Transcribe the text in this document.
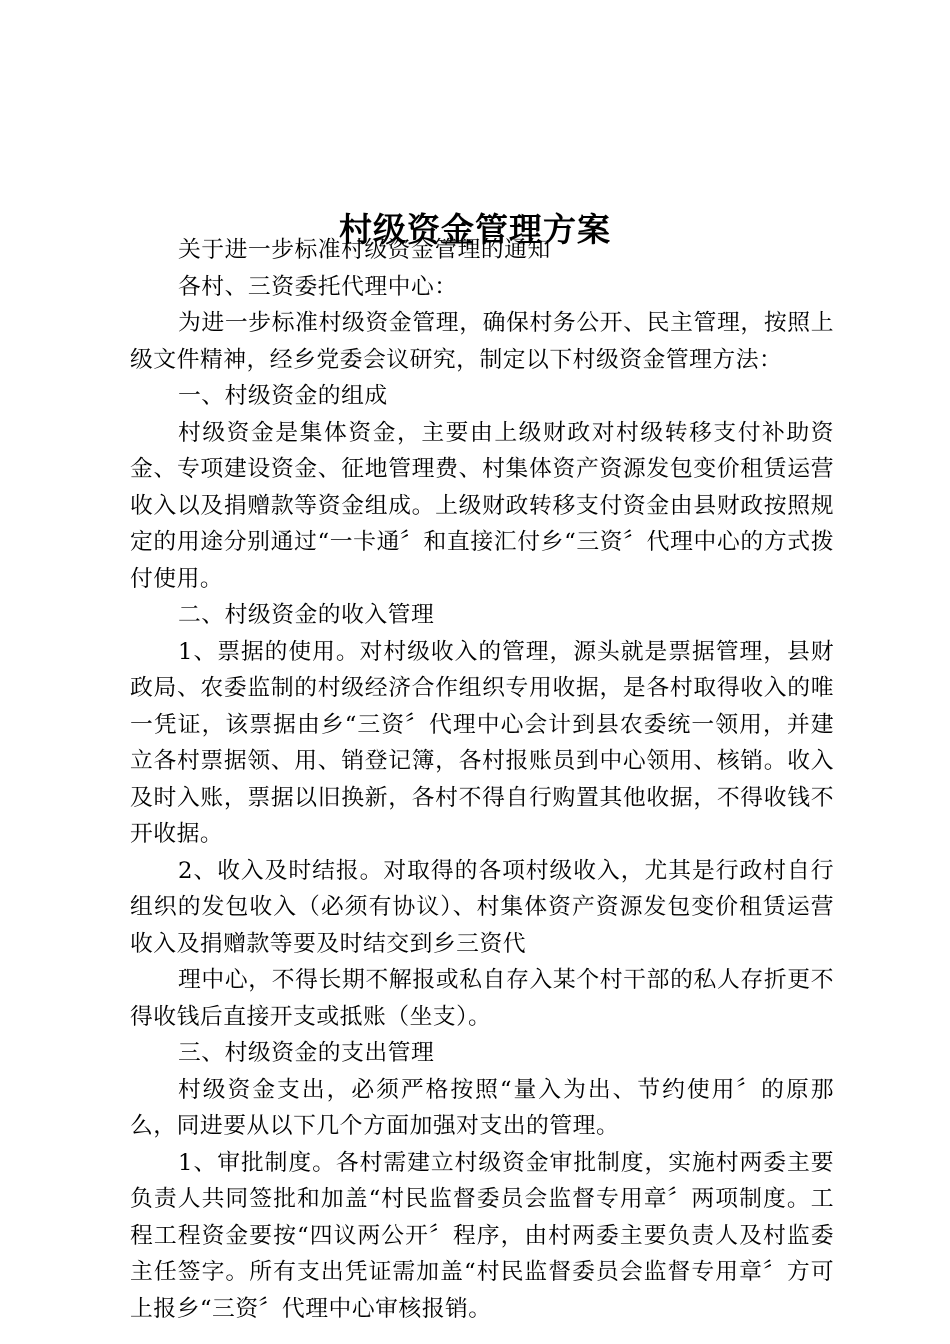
村级资金管理方案

关于进一步标准村级资金管理的通知

各村、三资委托代理中心：

为进一步标准村级资金管理，确保村务公开、民主管理，按照上级文件精神，经乡党委会议研究，制定以下村级资金管理方法：

一、村级资金的组成

村级资金是集体资金，主要由上级财政对村级转移支付补助资金、专项建设资金、征地管理费、村集体资产资源发包变价租赁运营收入以及捐赠款等资金组成。上级财政转移支付资金由县财政按照规定的用途分别通过“一卡通〞和直接汇付乡“三资〞代理中心的方式拨付使用。

二、村级资金的收入管理

1、票据的使用。对村级收入的管理，源头就是票据管理，县财政局、农委监制的村级经济合作组织专用收据，是各村取得收入的唯一凭证，该票据由乡“三资〞代理中心会计到县农委统一领用，并建立各村票据领、用、销登记簿，各村报账员到中心领用、核销。收入及时入账，票据以旧换新，各村不得自行购置其他收据，不得收钱不开收据。

2、收入及时结报。对取得的各项村级收入，尤其是行政村自行组织的发包收入（必须有协议）、村集体资产资源发包变价租赁运营收入及捐赠款等要及时结交到乡三资代

理中心，不得长期不解报或私自存入某个村干部的私人存折更不得收钱后直接开支或抵账（坐支）。

三、村级资金的支出管理

村级资金支出，必须严格按照“量入为出、节约使用〞的原那么，同进要从以下几个方面加强对支出的管理。

1、审批制度。各村需建立村级资金审批制度，实施村两委主要负责人共同签批和加盖“村民监督委员会监督专用章〞两项制度。工程工程资金要按“四议两公开〞程序，由村两委主要负责人及村监委主任签字。所有支出凭证需加盖“村民监督委员会监督专用章〞方可上报乡“三资〞代理中心审核报销。
